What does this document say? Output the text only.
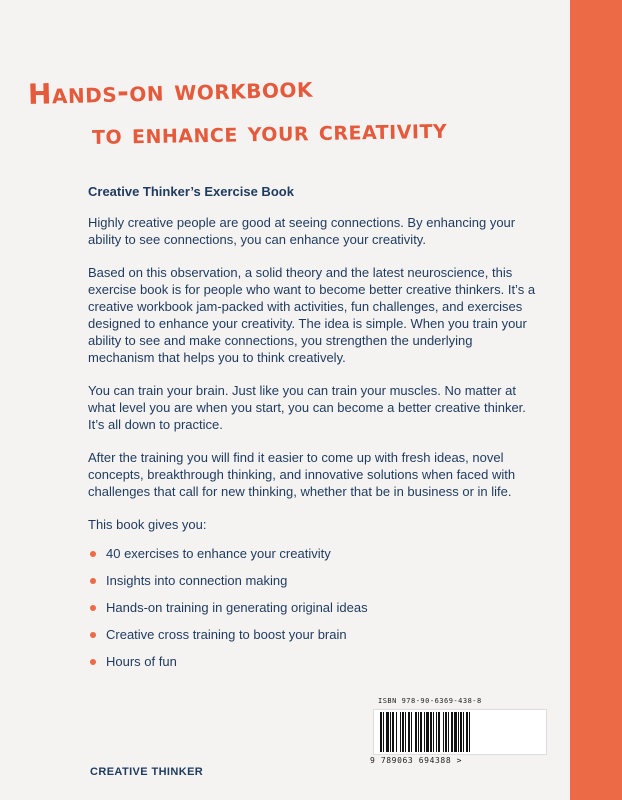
Hands-on workbook
to enhance your creativity

Creative Thinker’s Exercise Book

Highly creative people are good at seeing connections. By enhancing your ability to see connections, you can enhance your creativity.

Based on this observation, a solid theory and the latest neuroscience, this exercise book is for people who want to become better creative thinkers. It’s a creative workbook jam-packed with activities, fun challenges, and exercises designed to enhance your creativity. The idea is simple. When you train your ability to see and make connections, you strengthen the underlying mechanism that helps you to think creatively.

You can train your brain. Just like you can train your muscles. No matter at what level you are when you start, you can become a better creative thinker. It’s all down to practice.

After the training you will find it easier to come up with fresh ideas, novel concepts, breakthrough thinking, and innovative solutions when faced with challenges that call for new thinking, whether that be in business or in life.

This book gives you:

40 exercises to enhance your creativity
Insights into connection making
Hands-on training in generating original ideas
Creative cross training to boost your brain
Hours of fun
ISBN 978-90-6369-438-8
9 789063 694388 >
CREATIVE THINKER
